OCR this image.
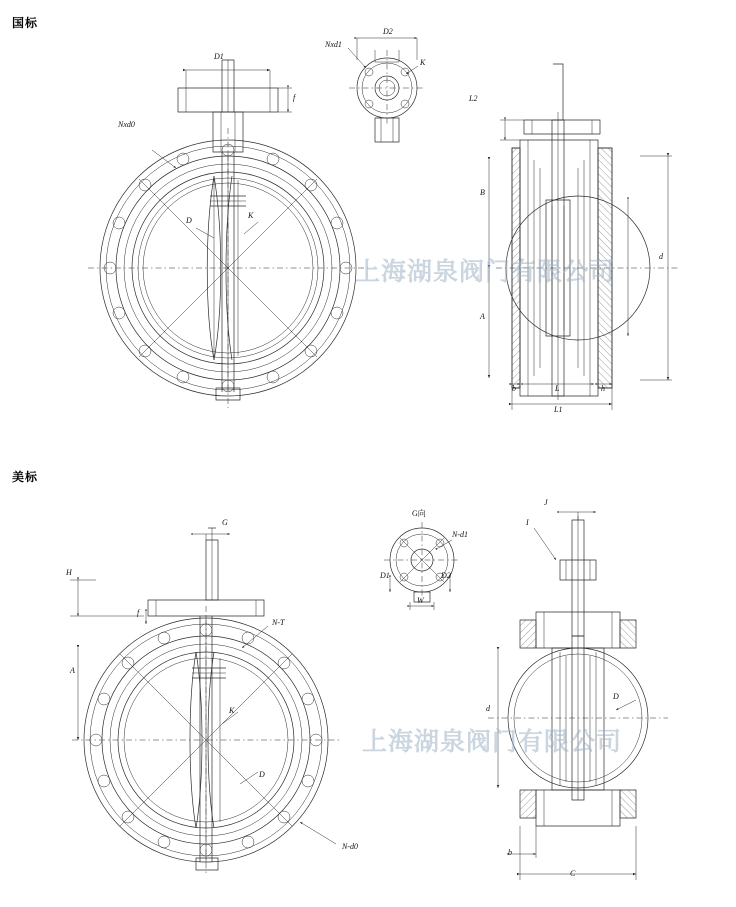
国标
美标
D1
f
Nxd1
D2
K
Nxd0
D
K
L2
B
A
d
b	L	h
L1
G
H
f
G向
N-d1
D1	D2
W
A
N-T
K
D
N-d0
J
I
d
b
C
D
上海湖泉阀门有限公司
上海湖泉阀门有限公司
